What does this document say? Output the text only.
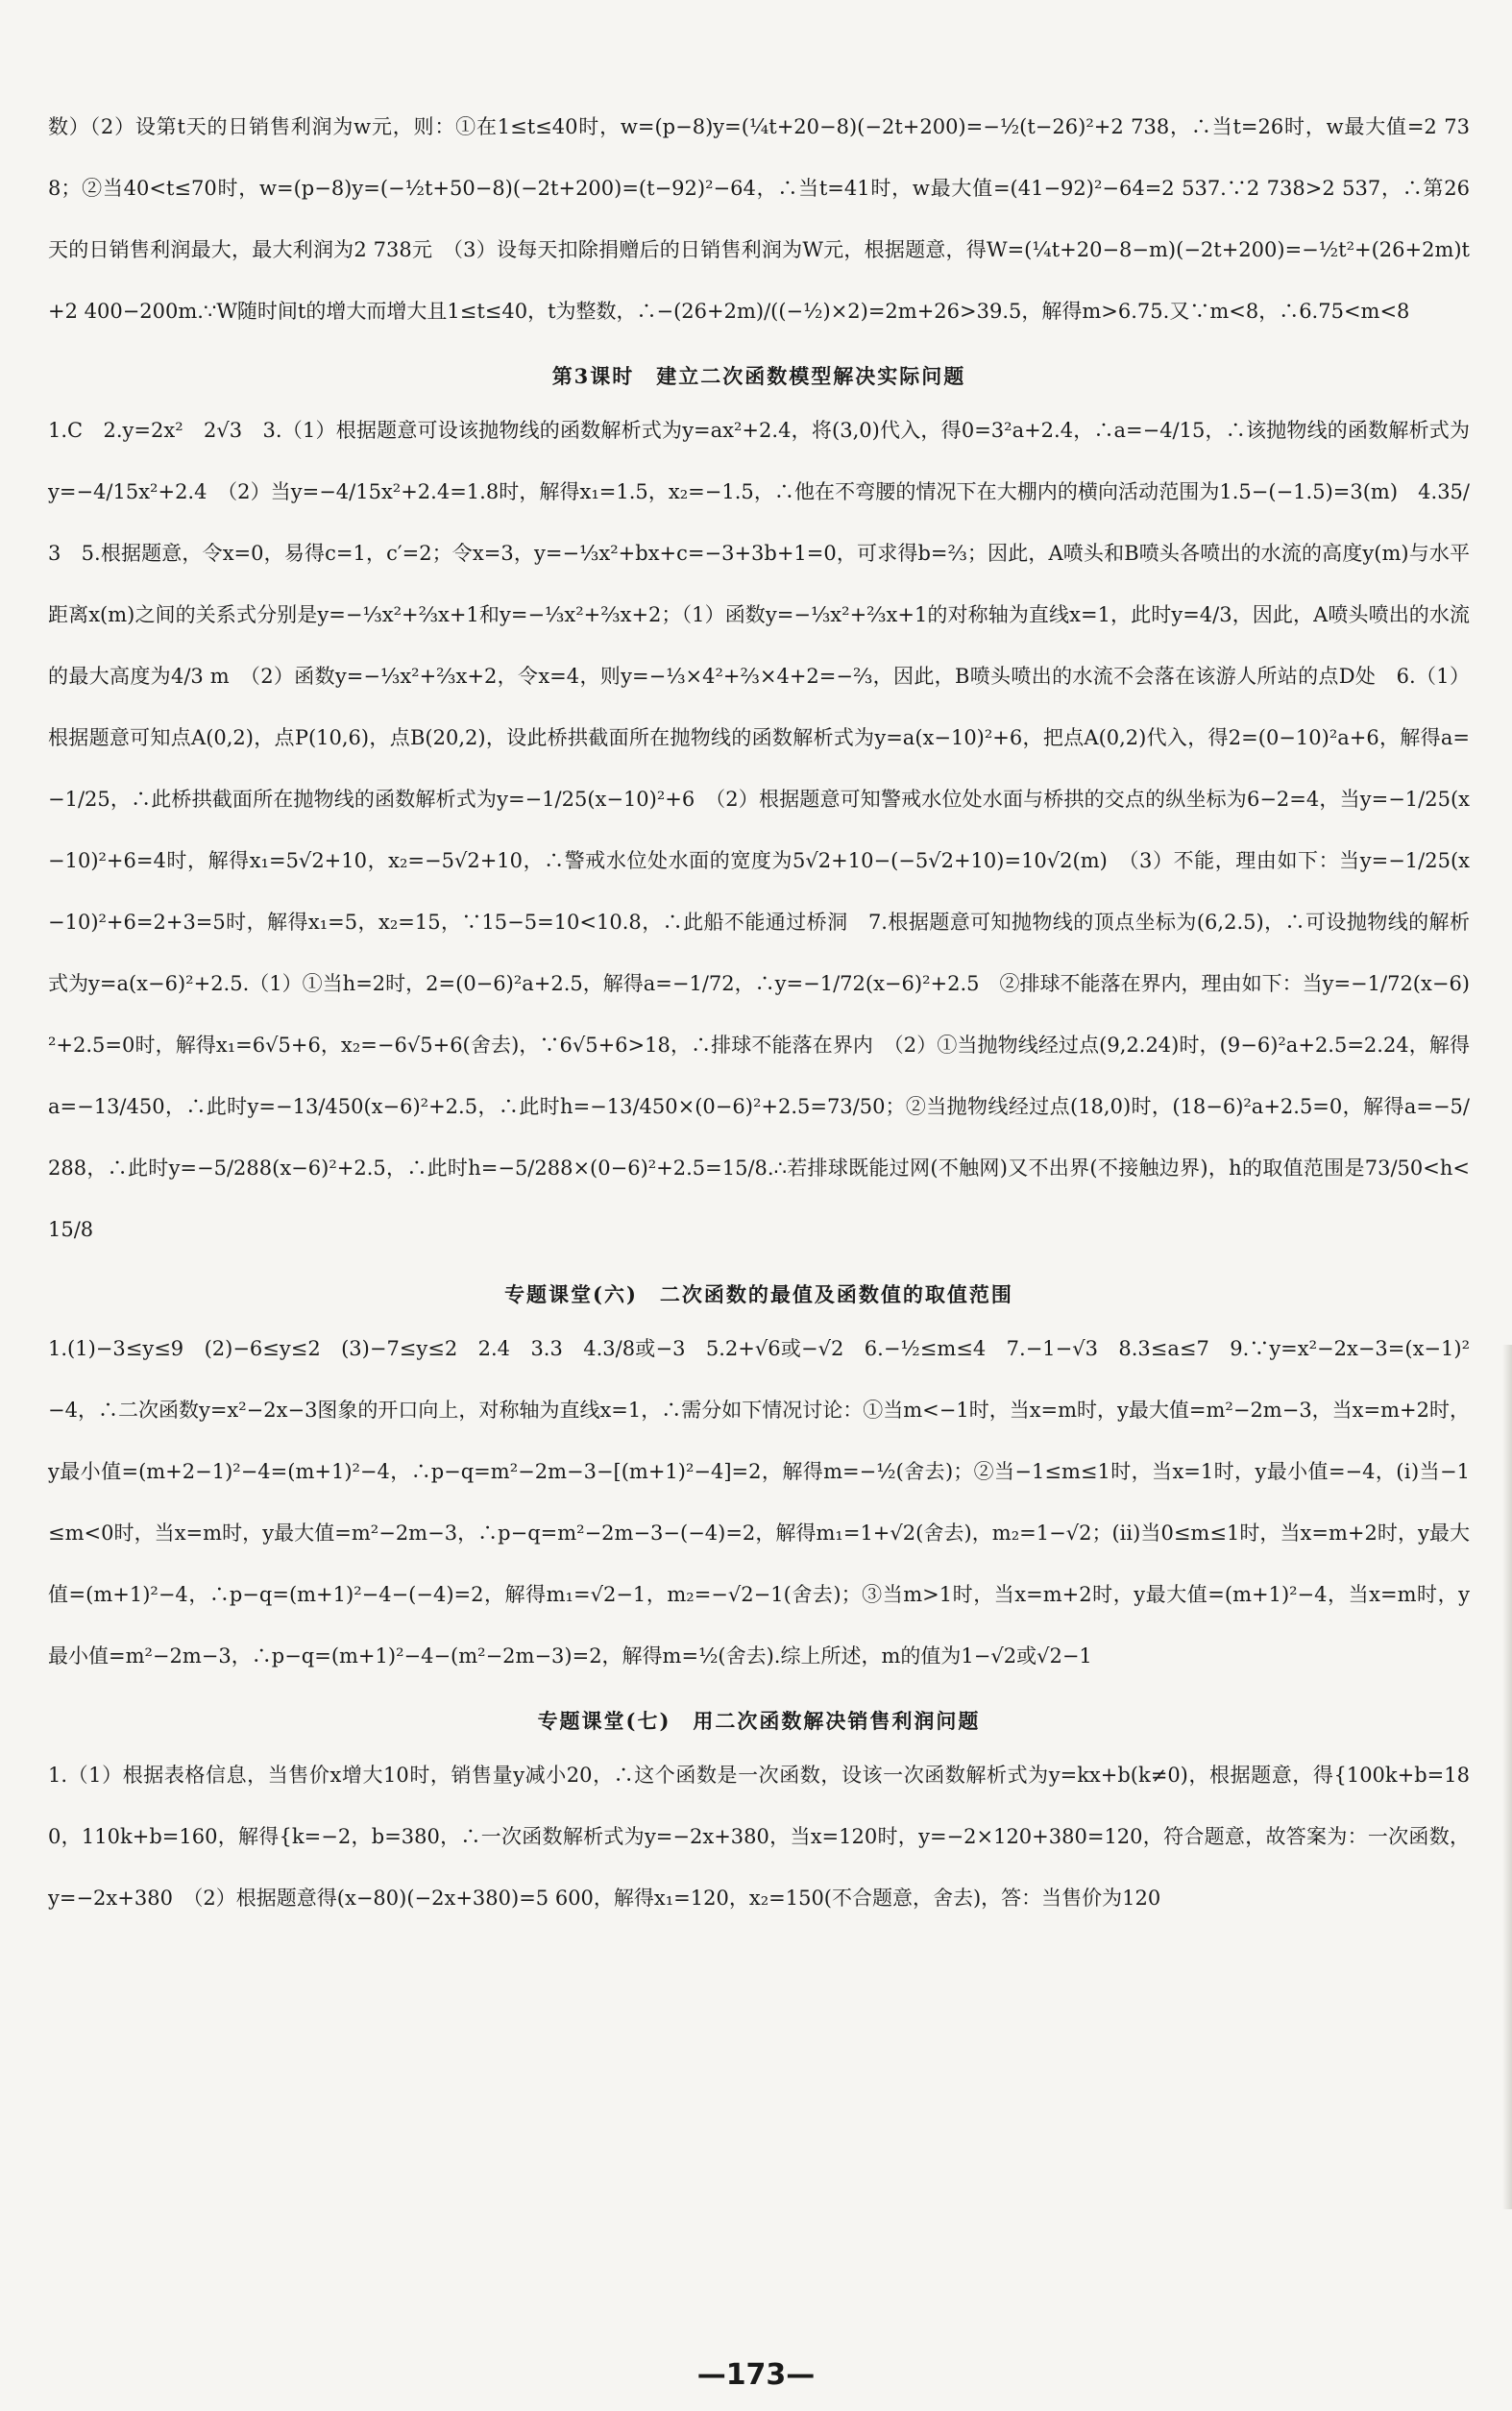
数）（2）设第t天的日销售利润为w元，则：①在1≤t≤40时，w=(p−8)y=(¼t+20−8)(−2t+200)=−½(t−26)²+2 738，∴当t=26时，w最大值=2 738；②当40<t≤70时，w=(p−8)y=(−½t+50−8)(−2t+200)=(t−92)²−64，∴当t=41时，w最大值=(41−92)²−64=2 537.∵2 738>2 537，∴第26天的日销售利润最大，最大利润为2 738元　（3）设每天扣除捐赠后的日销售利润为W元，根据题意，得W=(¼t+20−8−m)(−2t+200)=−½t²+(26+2m)t+2 400−200m.∵W随时间t的增大而增大且1≤t≤40，t为整数，∴−(26+2m)/((−½)×2)=2m+26>39.5，解得m>6.75.又∵m<8，∴6.75<m<8

第3课时　建立二次函数模型解决实际问题

1.C　2.y=2x²　2√3　3.（1）根据题意可设该抛物线的函数解析式为y=ax²+2.4，将(3,0)代入，得0=3²a+2.4，∴a=−4/15，∴该抛物线的函数解析式为y=−4/15x²+2.4　（2）当y=−4/15x²+2.4=1.8时，解得x₁=1.5，x₂=−1.5，∴他在不弯腰的情况下在大棚内的横向活动范围为1.5−(−1.5)=3(m)　4.35/3　5.根据题意，令x=0，易得c=1，c′=2；令x=3，y=−⅓x²+bx+c=−3+3b+1=0，可求得b=⅔；因此，A喷头和B喷头各喷出的水流的高度y(m)与水平距离x(m)之间的关系式分别是y=−⅓x²+⅔x+1和y=−⅓x²+⅔x+2；（1）函数y=−⅓x²+⅔x+1的对称轴为直线x=1，此时y=4/3，因此，A喷头喷出的水流的最大高度为4/3 m　（2）函数y=−⅓x²+⅔x+2，令x=4，则y=−⅓×4²+⅔×4+2=−⅔，因此，B喷头喷出的水流不会落在该游人所站的点D处　6.（1）根据题意可知点A(0,2)，点P(10,6)，点B(20,2)，设此桥拱截面所在抛物线的函数解析式为y=a(x−10)²+6，把点A(0,2)代入，得2=(0−10)²a+6，解得a=−1/25，∴此桥拱截面所在抛物线的函数解析式为y=−1/25(x−10)²+6　（2）根据题意可知警戒水位处水面与桥拱的交点的纵坐标为6−2=4，当y=−1/25(x−10)²+6=4时，解得x₁=5√2+10，x₂=−5√2+10，∴警戒水位处水面的宽度为5√2+10−(−5√2+10)=10√2(m)　（3）不能，理由如下：当y=−1/25(x−10)²+6=2+3=5时，解得x₁=5，x₂=15，∵15−5=10<10.8，∴此船不能通过桥洞　7.根据题意可知抛物线的顶点坐标为(6,2.5)，∴可设抛物线的解析式为y=a(x−6)²+2.5.（1）①当h=2时，2=(0−6)²a+2.5，解得a=−1/72，∴y=−1/72(x−6)²+2.5　②排球不能落在界内，理由如下：当y=−1/72(x−6)²+2.5=0时，解得x₁=6√5+6，x₂=−6√5+6(舍去)，∵6√5+6>18，∴排球不能落在界内　（2）①当抛物线经过点(9,2.24)时，(9−6)²a+2.5=2.24，解得a=−13/450，∴此时y=−13/450(x−6)²+2.5，∴此时h=−13/450×(0−6)²+2.5=73/50；②当抛物线经过点(18,0)时，(18−6)²a+2.5=0，解得a=−5/288，∴此时y=−5/288(x−6)²+2.5，∴此时h=−5/288×(0−6)²+2.5=15/8.∴若排球既能过网(不触网)又不出界(不接触边界)，h的取值范围是73/50<h<15/8

专题课堂(六)　二次函数的最值及函数值的取值范围

1.(1)−3≤y≤9　(2)−6≤y≤2　(3)−7≤y≤2　2.4　3.3　4.3/8或−3　5.2+√6或−√2　6.−½≤m≤4　7.−1−√3　8.3≤a≤7　9.∵y=x²−2x−3=(x−1)²−4，∴二次函数y=x²−2x−3图象的开口向上，对称轴为直线x=1，∴需分如下情况讨论：①当m<−1时，当x=m时，y最大值=m²−2m−3，当x=m+2时，y最小值=(m+2−1)²−4=(m+1)²−4，∴p−q=m²−2m−3−[(m+1)²−4]=2，解得m=−½(舍去)；②当−1≤m≤1时，当x=1时，y最小值=−4，(ⅰ)当−1≤m<0时，当x=m时，y最大值=m²−2m−3，∴p−q=m²−2m−3−(−4)=2，解得m₁=1+√2(舍去)，m₂=1−√2；(ⅱ)当0≤m≤1时，当x=m+2时，y最大值=(m+1)²−4，∴p−q=(m+1)²−4−(−4)=2，解得m₁=√2−1，m₂=−√2−1(舍去)；③当m>1时，当x=m+2时，y最大值=(m+1)²−4，当x=m时，y最小值=m²−2m−3，∴p−q=(m+1)²−4−(m²−2m−3)=2，解得m=½(舍去).综上所述，m的值为1−√2或√2−1

专题课堂(七)　用二次函数解决销售利润问题

1.（1）根据表格信息，当售价x增大10时，销售量y减小20，∴这个函数是一次函数，设该一次函数解析式为y=kx+b(k≠0)，根据题意，得{100k+b=180，110k+b=160，解得{k=−2，b=380，∴一次函数解析式为y=−2x+380，当x=120时，y=−2×120+380=120，符合题意，故答案为：一次函数，y=−2x+380　（2）根据题意得(x−80)(−2x+380)=5 600，解得x₁=120，x₂=150(不合题意，舍去)，答：当售价为120

—173—
